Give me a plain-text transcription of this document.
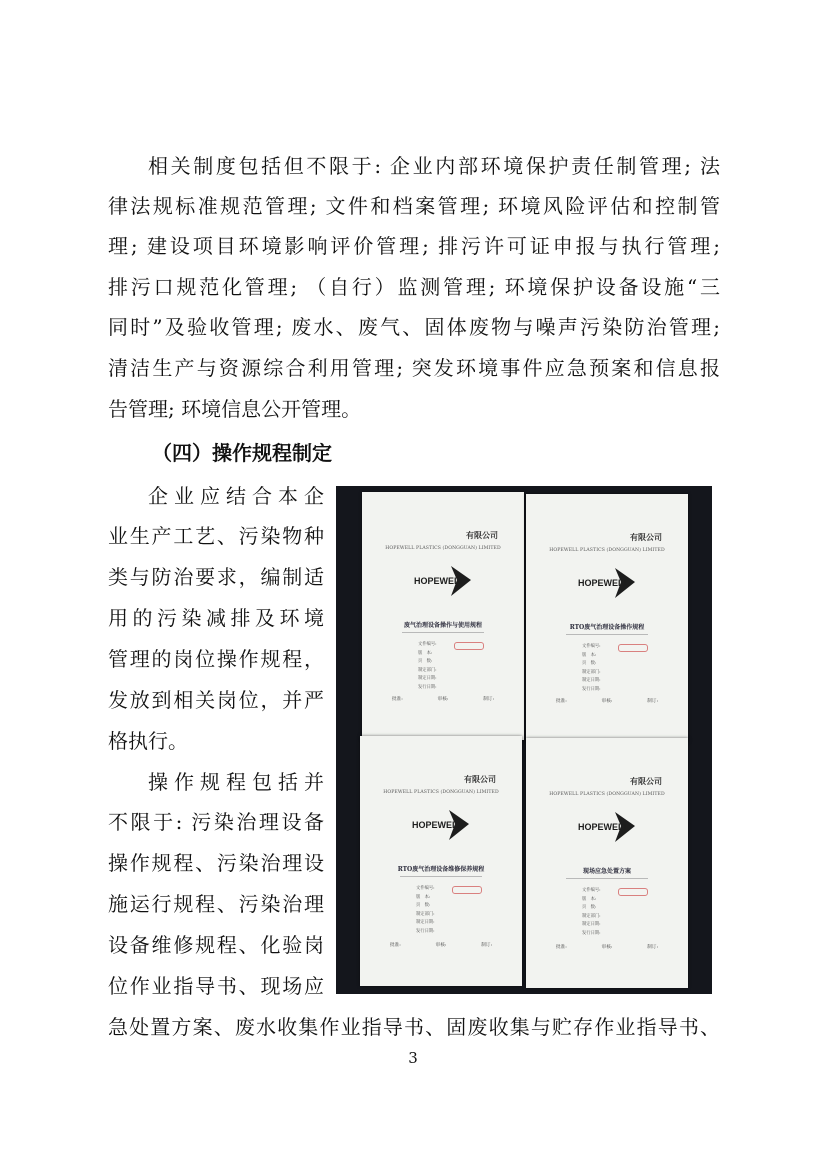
相关制度包括但不限于: 企业内部环境保护责任制管理; 法

律法规标准规范管理; 文件和档案管理; 环境风险评估和控制管

理; 建设项目环境影响评价管理; 排污许可证申报与执行管理;

排污口规范化管理; （自行）监测管理; 环境保护设备设施“三

同时”及验收管理; 废水、废气、固体废物与噪声污染防治管理;

清洁生产与资源综合利用管理; 突发环境事件应急预案和信息报

告管理; 环境信息公开管理。

（四）操作规程制定

企业应结合本企

业生产工艺、污染物种

类与防治要求，编制适

用的污染减排及环境

管理的岗位操作规程，

发放到相关岗位，并严

格执行。

操作规程包括并

不限于: 污染治理设备

操作规程、污染治理设

施运行规程、污染治理

设备维修规程、化验岗

位作业指导书、现场应

急处置方案、废水收集作业指导书、固废收集与贮存作业指导书、

有限公司
HOPEWELL PLASTICS (DONGGUAN) LIMITED
HOPEWELL
废气治理设备操作与使用规程
文件编号:
版　本:
页　数:
制定部门:
制定日期:
发行日期:
批准:	审核:	制订:
有限公司
HOPEWELL PLASTICS (DONGGUAN) LIMITED
HOPEWELL
RTO废气治理设备操作规程
文件编号:
版　本:
页　数:
制定部门:
制定日期:
发行日期:
批准:	审核:	制订:
有限公司
HOPEWELL PLASTICS (DONGGUAN) LIMITED
HOPEWELL
RTO废气治理设备维修保养规程
文件编号:
版　本:
页　数:
制定部门:
制定日期:
发行日期:
批准:	审核:	制订:
有限公司
HOPEWELL PLASTICS (DONGGUAN) LIMITED
HOPEWELL
现场应急处置方案
文件编号:
版　本:
页　数:
制定部门:
制定日期:
发行日期:
批准:	审核:	制订:
3
